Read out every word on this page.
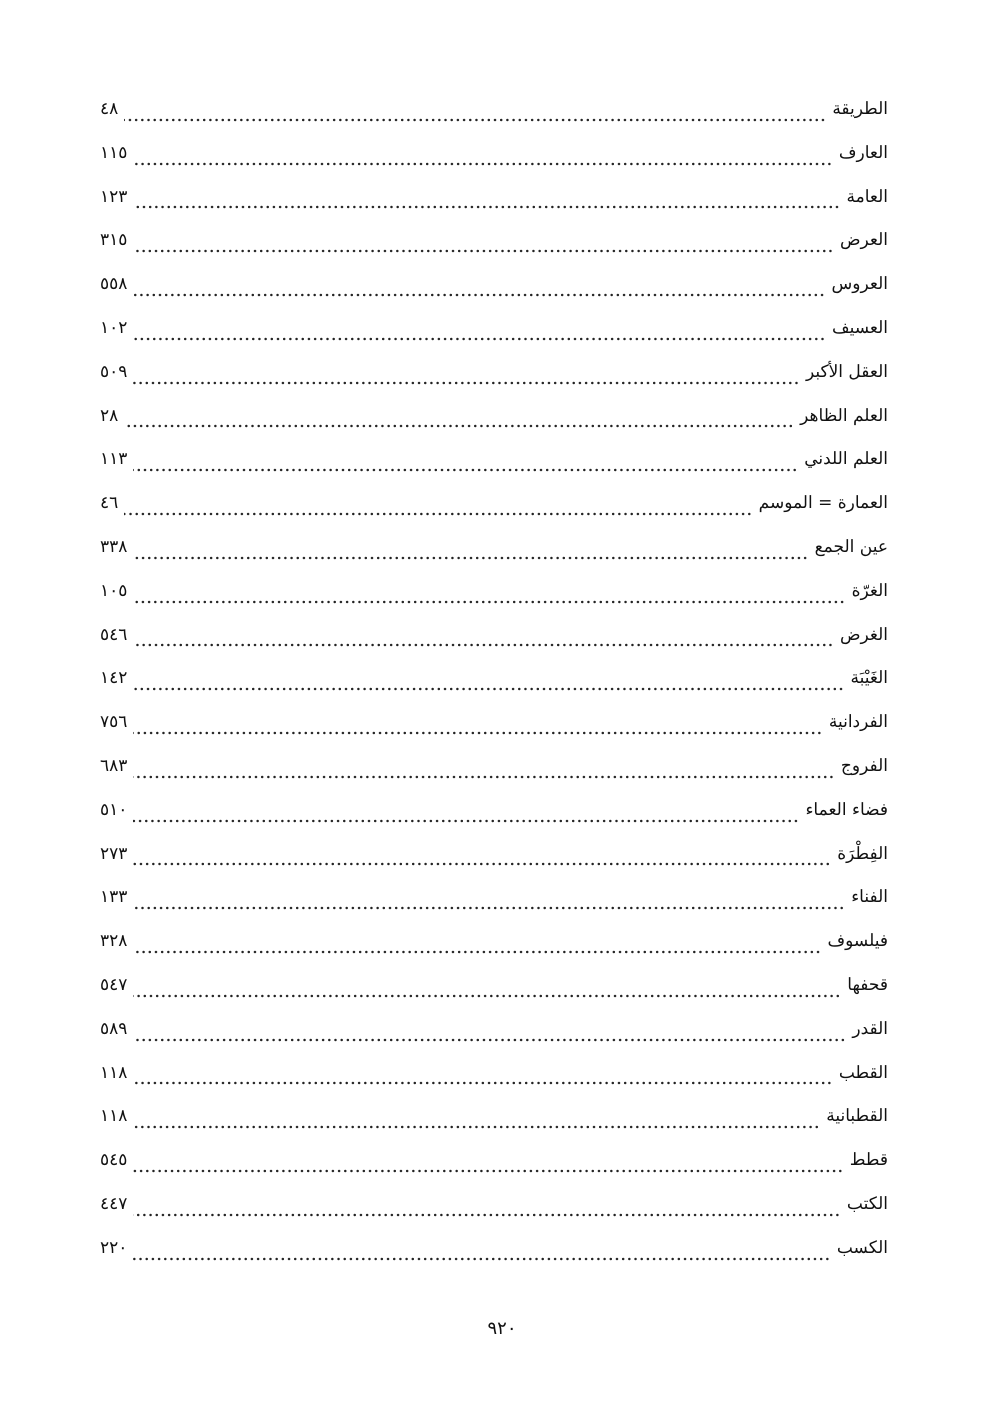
الطريقة
٤٨
العارف
١١٥
العامة
١٢٣
العرض
٣١٥
العروس
٥٥٨
العسيف
١٠٢
العقل الأكبر
٥٠٩
العلم الظاهر
٢٨
العلم اللدني
١١٣
العمارة = الموسم
٤٦
عين الجمع
٣٣٨
الغرّة
١٠٥
الغرض
٥٤٦
الغَيْبَة
١٤٢
الفردانية
٧٥٦
الفروج
٦٨٣
فضاء العماء
٥١٠
الفِطْرَة
٢٧٣
الفناء
١٣٣
فيلسوف
٣٢٨
قحفها
٥٤٧
القدر
٥٨٩
القطب
١١٨
القطبانية
١١٨
قطط
٥٤٥
الكتب
٤٤٧
الكسب
٢٢٠
٩٢٠
